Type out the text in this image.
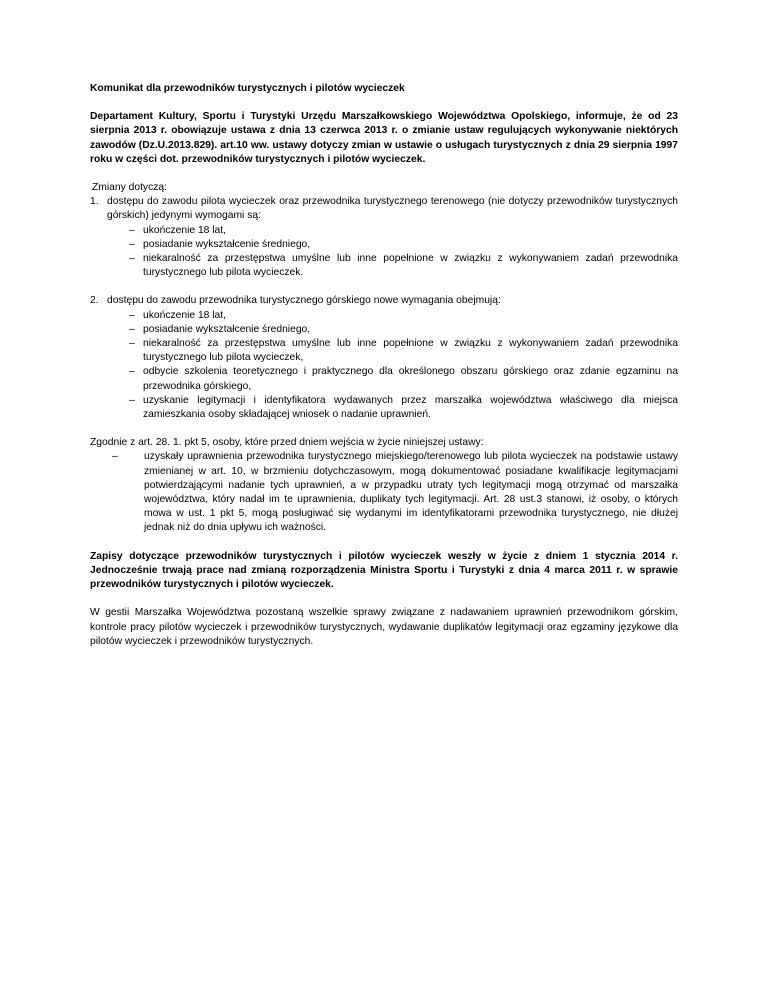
Komunikat dla przewodników turystycznych i pilotów wycieczek

Departament Kultury, Sportu i Turystyki Urzędu Marszałkowskiego Województwa Opolskiego, informuje, że od 23 sierpnia 2013 r. obowiązuje ustawa z dnia 13 czerwca 2013 r. o zmianie ustaw regulujących wykonywanie niektórych zawodów (Dz.U.2013.829). art.10 ww. ustawy dotyczy zmian w ustawie o usługach turystycznych z dnia 29 sierpnia 1997 roku w części dot. przewodników turystycznych i pilotów wycieczek.

Zmiany dotyczą:

1. dostępu do zawodu pilota wycieczek oraz przewodnika turystycznego terenowego (nie dotyczy przewodników turystycznych górskich) jedynymi wymogami są:
– ukończenie 18 lat,
– posiadanie wykształcenie średniego,
– niekaralność za przestępstwa umyślne lub inne popełnione w związku z wykonywaniem zadań przewodnika turystycznego lub pilota wycieczek.
2. dostępu do zawodu przewodnika turystycznego górskiego nowe wymagania obejmują:
– ukończenie 18 lat,
– posiadanie wykształcenie średniego,
– niekaralność za przestępstwa umyślne lub inne popełnione w związku z wykonywaniem zadań przewodnika turystycznego lub pilota wycieczek,
– odbycie szkolenia teoretycznego i praktycznego dla określonego obszaru górskiego oraz zdanie egzaminu na przewodnika górskiego,
– uzyskanie legitymacji i identyfikatora wydawanych przez marszałka województwa właściwego dla miejsca zamieszkania osoby składającej wniosek o nadanie uprawnień.

Zgodnie z art. 28. 1. pkt 5, osoby, które przed dniem wejścia w życie niniejszej ustawy:

–	uzyskały uprawnienia przewodnika turystycznego miejskiego/terenowego lub pilota wycieczek na podstawie ustawy zmienianej w art. 10, w brzmieniu dotychczasowym, mogą dokumentować posiadane kwalifikacje legitymacjami potwierdzającymi nadanie tych uprawnień, a w przypadku utraty tych legitymacji mogą otrzymać od marszałka województwa, który nadał im te uprawnienia, duplikaty tych legitymacji. Art. 28 ust.3 stanowi, iż osoby, o których mowa w ust. 1 pkt 5, mogą posługiwać się wydanymi im identyfikatorami przewodnika turystycznego, nie dłużej jednak niż do dnia upływu ich ważności.

Zapisy dotyczące przewodników turystycznych i pilotów wycieczek weszły w życie z dniem 1 stycznia 2014 r. Jednocześnie trwają prace nad zmianą rozporządzenia Ministra Sportu i Turystyki z dnia 4 marca 2011 r. w sprawie przewodników turystycznych i pilotów wycieczek.

W gestii Marszałka Województwa pozostaną wszelkie sprawy związane z nadawaniem uprawnień przewodnikom górskim, kontrole pracy pilotów wycieczek i przewodników turystycznych, wydawanie duplikatów legitymacji oraz egzaminy językowe dla pilotów wycieczek i przewodników turystycznych.
